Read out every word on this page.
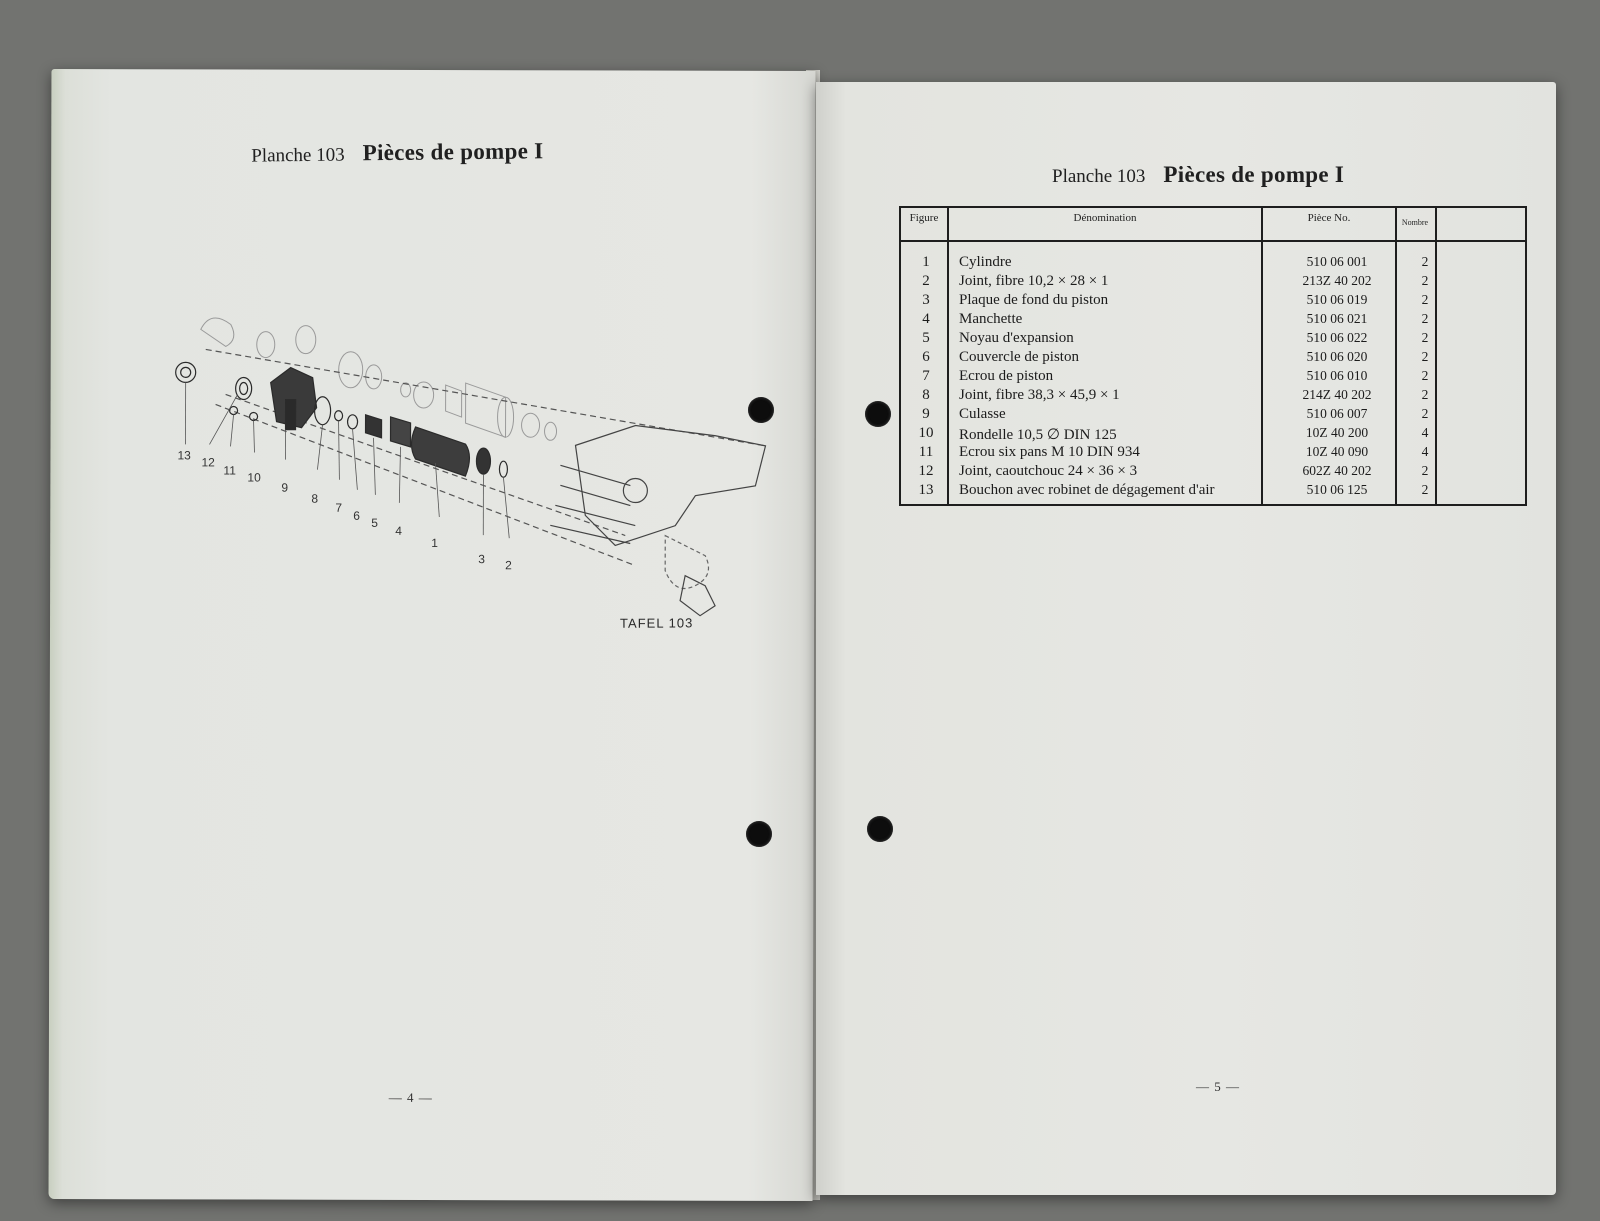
Planche 103 Pièces de pompe I
13
12
11
10
9
8
7
6
5
4
1
3 2
TAFEL 103
— 4 —
Planche 103 Pièces de pompe I
Figure	Dénomination	Pièce No.	Nombre
1	Cylindre	510 06 001	2
2	Joint, fibre 10,2 × 28 × 1	213Z 40 202	2
3	Plaque de fond du piston	510 06 019	2
4	Manchette	510 06 021	2
5	Noyau d'expansion	510 06 022	2
6	Couvercle de piston	510 06 020	2
7	Ecrou de piston	510 06 010	2
8	Joint, fibre 38,3 × 45,9 × 1	214Z 40 202	2
9	Culasse	510 06 007	2
10	Rondelle 10,5 ∅ DIN 125	10Z 40 200	4
11	Ecrou six pans M 10 DIN 934	10Z 40 090	4
12	Joint, caoutchouc 24 × 36 × 3	602Z 40 202	2
13	Bouchon avec robinet de dégagement d'air	510 06 125	2
— 5 —
